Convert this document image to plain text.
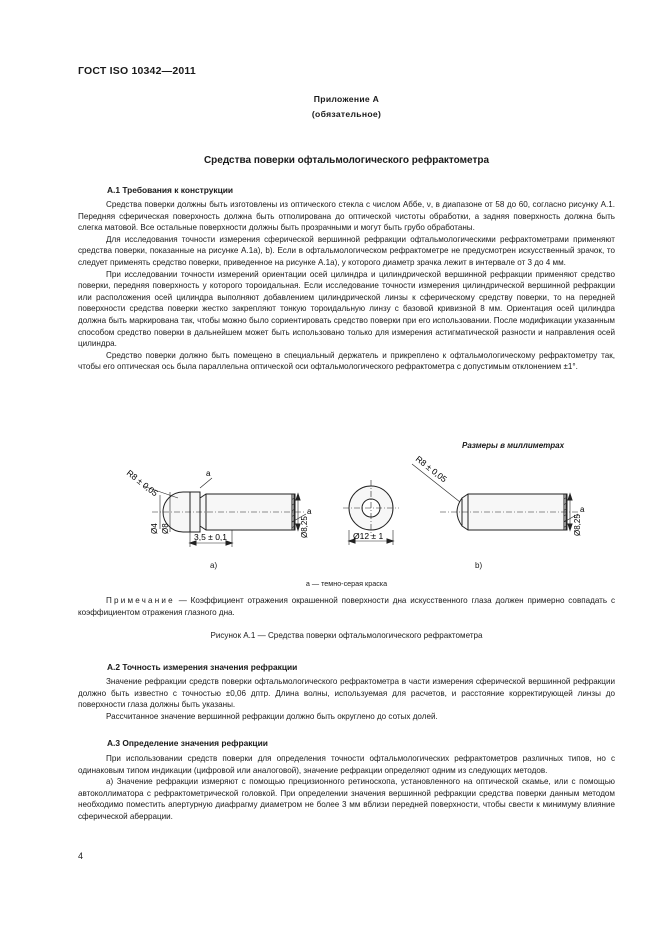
ГОСТ ISO 10342—2011
Приложение А
(обязательное)
Средства поверки офтальмологического рефрактометра
А.1 Требования к конструкции

Средства поверки должны быть изготовлены из оптического стекла с числом Аббе, ν, в диапазоне от 58 до 60, согласно рисунку А.1. Передняя сферическая поверхность должна быть отполирована до оптической чистоты обработки, а задняя поверхность должна быть слегка матовой. Все остальные поверхности должны быть прозрачными и могут быть грубо обработаны.

Для исследования точности измерения сферической вершинной рефракции офтальмологическими рефрактометрами применяют средства поверки, показанные на рисунке А.1а), b). Если в офтальмологическом рефрактометре не предусмотрен искусственный зрачок, то следует применять средство поверки, приведенное на рисунке А.1а), у которого диаметр зрачка лежит в интервале от 3 до 4 мм.

При исследовании точности измерений ориентации осей цилиндра и цилиндрической вершинной рефракции применяют средство поверки, передняя поверхность у которого тороидальная. Если исследование точности измерения цилиндрической вершинной рефракции или расположения осей цилиндра выполняют добавлением цилиндрической линзы к сферическому средству поверки, то на передней поверхности средства поверки жестко закрепляют тонкую тороидальную линзу с базовой кривизной 8 мм. Ориентация осей цилиндра должна быть маркирована так, чтобы можно было сориентировать средство поверки при его использовании. После модификации указанным способом средство поверки в дальнейшем может быть использовано только для измерения астигматической разности и направления осей цилиндра.

Средство поверки должно быть помещено в специальный держатель и прикреплено к офтальмологическому рефрактометру так, чтобы его оптическая ось была параллельна оптической оси офтальмологического рефрактометра с допустимым отклонением ±1°.

Размеры в миллиметрах
R8 ± 0,05	a
Ø4 Ø8
3,5 ± 0,1	Ø8,25
a
Ø12 ± 1
R8 ± 0,05
Ø8,25
a
a)	b)
а — темно-серая краска
Примечание — Коэффициент отражения окрашенной поверхности дна искусственного глаза должен примерно совпадать с коэффициентом отражения глазного дна.
Рисунок А.1 — Средства поверки офтальмологического рефрактометра
А.2 Точность измерения значения рефракции

Значение рефракции средств поверки офтальмологического рефрактометра в части измерения сферической вершинной рефракции должно быть известно с точностью ±0,06 дптр. Длина волны, используемая для расчетов, и расстояние корректирующей линзы до поверхности глаза должны быть указаны.

Рассчитанное значение вершинной рефракции должно быть округлено до сотых долей.

А.3 Определение значения рефракции

При использовании средств поверки для определения точности офтальмологических рефрактометров различных типов, но с одинаковым типом индикации (цифровой или аналоговой), значение рефракции определяют одним из следующих методов.

а) Значение рефракции измеряют с помощью прецизионного ретиноскопа, установленного на оптической скамье, или с помощью автоколлиматора с рефрактометрической головкой. При определении значения вершинной рефракции средства поверки данным методом необходимо поместить апертурную диафрагму диаметром не более 3 мм вблизи передней поверхности, чтобы свести к минимуму влияние сферической аберрации.

4
